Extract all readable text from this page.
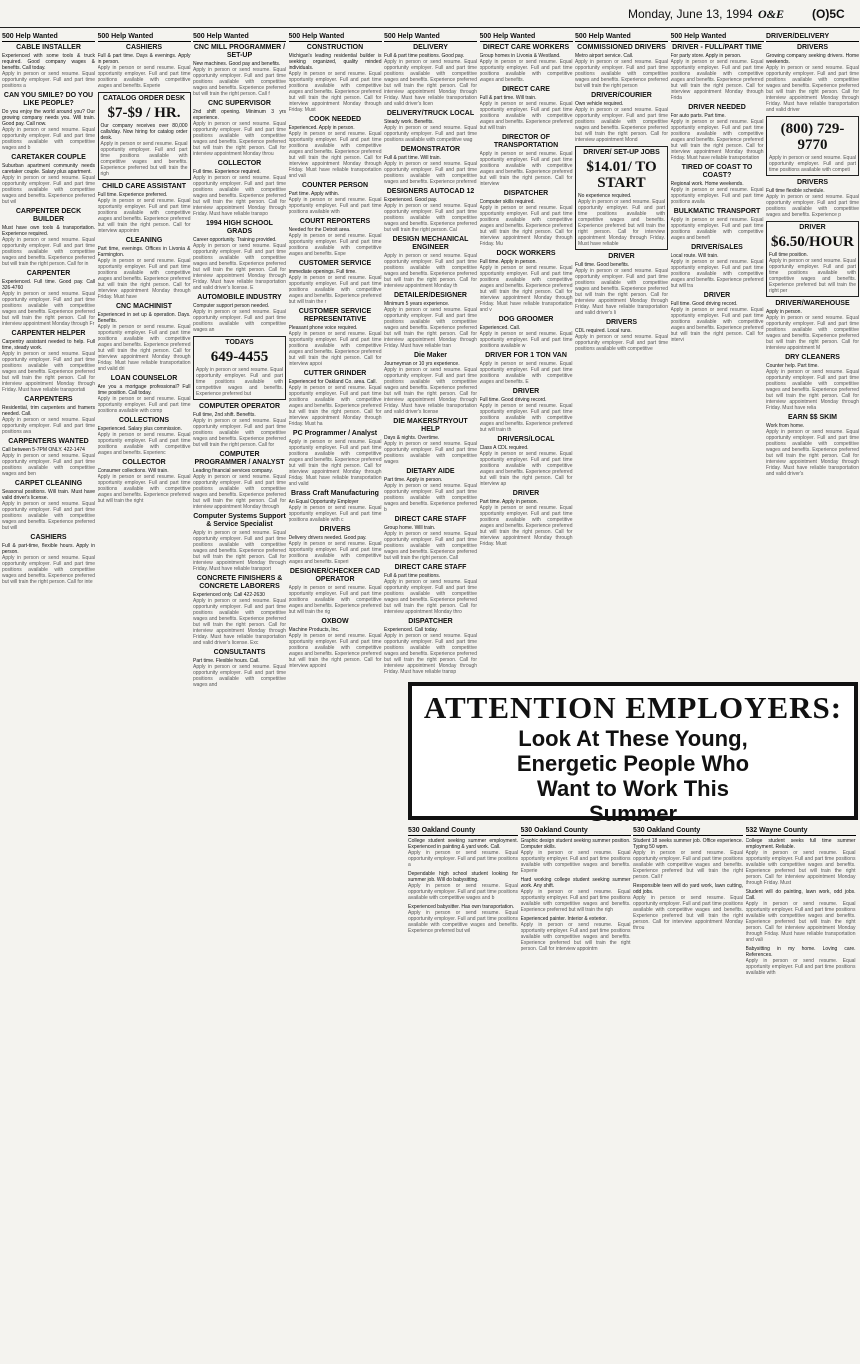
Monday, June 13, 1994 O&E (O)5C
500 Help Wanted
CABLE INSTALLER
Experienced with some tools & truck required. Good company wages & benefits. Call today.
Apply in person or send resume. Equal opportunity employer. Full and part time positions a
CAN YOU SMILE? DO YOU LIKE PEOPLE?
Do you enjoy the world around you? Our growing company needs you. Will train. Good pay. Call now.
Apply in person or send resume. Equal opportunity employer. Full and part time positions available with competitive wages and b
CARETAKER COUPLE
Suburban apartment community needs caretaker couple. Salary plus apartment.
Apply in person or send resume. Equal opportunity employer. Full and part time positions available with competitive wages and benefits. Experience preferred but wil
CARPENTER DECK BUILDER
Must have own tools & transportation. Experience required.
Apply in person or send resume. Equal opportunity employer. Full and part time positions available with competitive wages and benefits. Experience preferred but will train the right person. Call for in
CARPENTER
Experienced. Full time. Good pay. Call 326-4760
Apply in person or send resume. Equal opportunity employer. Full and part time positions available with competitive wages and benefits. Experience preferred but will train the right person. Call for interview appointment Monday through Fr
CARPENTER HELPER
Carpentry assistant needed to help. Full time, steady work.
Apply in person or send resume. Equal opportunity employer. Full and part time positions available with competitive wages and benefits. Experience preferred but will train the right person. Call for interview appointment Monday through Friday. Must have reliable transportati
CARPENTERS
Residential, trim carpenters and framers needed. Call.
Apply in person or send resume. Equal opportunity employer. Full and part time positions ava
CARPENTERS WANTED
Call between 5-7PM ONLY. 422-1474
Apply in person or send resume. Equal opportunity employer. Full and part time positions available with competitive wages and ben
CARPET CLEANING
Seasonal positions. Will train. Must have valid driver's license.
Apply in person or send resume. Equal opportunity employer. Full and part time positions available with competitive wages and benefits. Experience preferred but will
CASHIERS
Full & part-time, flexible hours. Apply in person.
Apply in person or send resume. Equal opportunity employer. Full and part time positions available with competitive wages and benefits. Experience preferred but will train the right person. Call for inte
500 Help Wanted
CASHIERS
Full & part time. Days & evenings. Apply in person.
Apply in person or send resume. Equal opportunity employer. Full and part time positions available with competitive wages and benefits. Experie
CATALOG ORDER DESK
$7-$9 / HR.
Our company receives over 80,000 calls/day. Now hiring for catalog order desk.
Apply in person or send resume. Equal opportunity employer. Full and part time positions available with competitive wages and benefits. Experience preferred but will train the righ
CHILD CARE ASSISTANT
Full time. Experience preferred.
Apply in person or send resume. Equal opportunity employer. Full and part time positions available with competitive wages and benefits. Experience preferred but will train the right person. Call for interview appointm
CLEANING
Part time, evenings. Offices in Livonia & Farmington.
Apply in person or send resume. Equal opportunity employer. Full and part time positions available with competitive wages and benefits. Experience preferred but will train the right person. Call for interview appointment Monday through Friday. Must have
CNC MACHINIST
Experienced in set up & operation. Days. Benefits.
Apply in person or send resume. Equal opportunity employer. Full and part time positions available with competitive wages and benefits. Experience preferred but will train the right person. Call for interview appointment Monday through Friday. Must have reliable transportation and valid dri
LOAN COUNSELOR
Are you a mortgage professional? Full time position. Call today.
Apply in person or send resume. Equal opportunity employer. Full and part time positions available with comp
COLLECTIONS
Experienced. Salary plus commission.
Apply in person or send resume. Equal opportunity employer. Full and part time positions available with competitive wages and benefits. Experienc
COLLECTOR
Consumer collections. Will train.
Apply in person or send resume. Equal opportunity employer. Full and part time positions available with competitive wages and benefits. Experience preferred but will train the right
500 Help Wanted
CNC MILL PROGRAMMER / SET-UP
New machines. Good pay and benefits.
Apply in person or send resume. Equal opportunity employer. Full and part time positions available with competitive wages and benefits. Experience preferred but will train the right person. Call f
CNC SUPERVISOR
2nd shift opening. Minimum 3 yrs experience.
Apply in person or send resume. Equal opportunity employer. Full and part time positions available with competitive wages and benefits. Experience preferred but will train the right person. Call for interview appointment Monday throu
COLLECTOR
Full time. Experience required.
Apply in person or send resume. Equal opportunity employer. Full and part time positions available with competitive wages and benefits. Experience preferred but will train the right person. Call for interview appointment Monday through Friday. Must have reliable transpo
1994 HIGH SCHOOL GRADS
Career opportunity. Training provided.
Apply in person or send resume. Equal opportunity employer. Full and part time positions available with competitive wages and benefits. Experience preferred but will train the right person. Call for interview appointment Monday through Friday. Must have reliable transportation and valid driver's license. E
AUTOMOBILE INDUSTRY
Computer support person needed.
Apply in person or send resume. Equal opportunity employer. Full and part time positions available with competitive wages an
TODAYS
649-4455
Apply in person or send resume. Equal opportunity employer. Full and part time positions available with competitive wages and benefits. Experience preferred but
COMPUTER OPERATOR
Full time, 2nd shift. Benefits.
Apply in person or send resume. Equal opportunity employer. Full and part time positions available with competitive wages and benefits. Experience preferred but will train the right person. Call for
COMPUTER PROGRAMMER / ANALYST
Leading financial services company.
Apply in person or send resume. Equal opportunity employer. Full and part time positions available with competitive wages and benefits. Experience preferred but will train the right person. Call for interview appointment Monday through
Computer Systems Support & Service Specialist
Apply in person or send resume. Equal opportunity employer. Full and part time positions available with competitive wages and benefits. Experience preferred but will train the right person. Call for interview appointment Monday through Friday. Must have reliable transport
CONCRETE FINISHERS & CONCRETE LABORERS
Experienced only. Call 422-2630
Apply in person or send resume. Equal opportunity employer. Full and part time positions available with competitive wages and benefits. Experience preferred but will train the right person. Call for interview appointment Monday through Friday. Must have reliable transportation and valid driver's license. Exc
CONSULTANTS
Part time. Flexible hours. Call.
Apply in person or send resume. Equal opportunity employer. Full and part time positions available with competitive wages and
500 Help Wanted
CONSTRUCTION
Michigan's leading residential builder is seeking organized, quality minded individuals.
Apply in person or send resume. Equal opportunity employer. Full and part time positions available with competitive wages and benefits. Experience preferred but will train the right person. Call for interview appointment Monday through Friday. Must
COOK NEEDED
Experienced. Apply in person.
Apply in person or send resume. Equal opportunity employer. Full and part time positions available with competitive wages and benefits. Experience preferred but will train the right person. Call for interview appointment Monday through Friday. Must have reliable transportation and vali
COUNTER PERSON
Part time. Apply within.
Apply in person or send resume. Equal opportunity employer. Full and part time positions available with
COURT REPORTERS
Needed for the Detroit area.
Apply in person or send resume. Equal opportunity employer. Full and part time positions available with competitive wages and benefits. Expe
CUSTOMER SERVICE
Immediate openings. Full time.
Apply in person or send resume. Equal opportunity employer. Full and part time positions available with competitive wages and benefits. Experience preferred but will train the r
CUSTOMER SERVICE REPRESENTATIVE
Pleasant phone voice required.
Apply in person or send resume. Equal opportunity employer. Full and part time positions available with competitive wages and benefits. Experience preferred but will train the right person. Call for interview appoi
CUTTER GRINDER
Experienced for Oakland Co. area. Call.
Apply in person or send resume. Equal opportunity employer. Full and part time positions available with competitive wages and benefits. Experience preferred but will train the right person. Call for interview appointment Monday through Friday. Must ha
PC Programmer / Analyst
Apply in person or send resume. Equal opportunity employer. Full and part time positions available with competitive wages and benefits. Experience preferred but will train the right person. Call for interview appointment Monday through Friday. Must have reliable transportation and valid
Brass Craft Manufacturing
An Equal Opportunity Employer
Apply in person or send resume. Equal opportunity employer. Full and part time positions available with c
DRIVERS
Delivery drivers needed. Good pay.
Apply in person or send resume. Equal opportunity employer. Full and part time positions available with competitive wages and benefits. Experi
DESIGNER/CHECKER CAD OPERATOR
Apply in person or send resume. Equal opportunity employer. Full and part time positions available with competitive wages and benefits. Experience preferred but will train the rig
OXBOW
Machine Products, Inc.
Apply in person or send resume. Equal opportunity employer. Full and part time positions available with competitive wages and benefits. Experience preferred but will train the right person. Call for interview appoint
500 Help Wanted
DELIVERY
Full & part time positions. Good pay.
Apply in person or send resume. Equal opportunity employer. Full and part time positions available with competitive wages and benefits. Experience preferred but will train the right person. Call for interview appointment Monday through Friday. Must have reliable transportation and valid driver's licen
DELIVERY/TRUCK LOCAL
Steady work. Benefits.
Apply in person or send resume. Equal opportunity employer. Full and part time positions available with competitive wag
DEMONSTRATOR
Full & part time. Will train.
Apply in person or send resume. Equal opportunity employer. Full and part time positions available with competitive wages and benefits. Experience preferred
DESIGNERS AUTOCAD 12
Experienced. Good pay.
Apply in person or send resume. Equal opportunity employer. Full and part time positions available with competitive wages and benefits. Experience preferred but will train the right person. Cal
DESIGN MECHANICAL ENGINEER
Apply in person or send resume. Equal opportunity employer. Full and part time positions available with competitive wages and benefits. Experience preferred but will train the right person. Call for interview appointment Monday th
DETAILER/DESIGNER
Minimum 5 years experience.
Apply in person or send resume. Equal opportunity employer. Full and part time positions available with competitive wages and benefits. Experience preferred but will train the right person. Call for interview appointment Monday through Friday. Must have reliable tran
Die Maker
Journeyman or 10 yrs experience.
Apply in person or send resume. Equal opportunity employer. Full and part time positions available with competitive wages and benefits. Experience preferred but will train the right person. Call for interview appointment Monday through Friday. Must have reliable transportation and valid driver's license
DIE MAKERS/TRYOUT HELP
Days & nights. Overtime.
Apply in person or send resume. Equal opportunity employer. Full and part time positions available with competitive wages
DIETARY AIDE
Part time. Apply in person.
Apply in person or send resume. Equal opportunity employer. Full and part time positions available with competitive wages and benefits. Experience preferred b
DIRECT CARE STAFF
Group home. Will train.
Apply in person or send resume. Equal opportunity employer. Full and part time positions available with competitive wages and benefits. Experience preferred but will train the right person. Call
DIRECT CARE STAFF
Full & part time positions.
Apply in person or send resume. Equal opportunity employer. Full and part time positions available with competitive wages and benefits. Experience preferred but will train the right person. Call for interview appointment Monday thro
DISPATCHER
Experienced. Call today.
Apply in person or send resume. Equal opportunity employer. Full and part time positions available with competitive wages and benefits. Experience preferred but will train the right person. Call for interview appointment Monday through Friday. Must have reliable transp
500 Help Wanted
DIRECT CARE WORKERS
Group homes in Livonia & Westland.
Apply in person or send resume. Equal opportunity employer. Full and part time positions available with competitive wages and benefits.
DIRECT CARE
Full & part time. Will train.
Apply in person or send resume. Equal opportunity employer. Full and part time positions available with competitive wages and benefits. Experience preferred but will train
DIRECTOR OF TRANSPORTATION
Apply in person or send resume. Equal opportunity employer. Full and part time positions available with competitive wages and benefits. Experience preferred but will train the right person. Call for interview
DISPATCHER
Computer skills required.
Apply in person or send resume. Equal opportunity employer. Full and part time positions available with competitive wages and benefits. Experience preferred but will train the right person. Call for interview appointment Monday through Friday. Mu
DOCK WORKERS
Full time. Apply in person.
Apply in person or send resume. Equal opportunity employer. Full and part time positions available with competitive wages and benefits. Experience preferred but will train the right person. Call for interview appointment Monday through Friday. Must have reliable transportation and v
DOG GROOMER
Experienced. Call.
Apply in person or send resume. Equal opportunity employer. Full and part time positions available w
DRIVER FOR 1 TON VAN
Apply in person or send resume. Equal opportunity employer. Full and part time positions available with competitive wages and benefits. E
DRIVER
Full time. Good driving record.
Apply in person or send resume. Equal opportunity employer. Full and part time positions available with competitive wages and benefits. Experience preferred but will train th
DRIVERS/LOCAL
Class A CDL required.
Apply in person or send resume. Equal opportunity employer. Full and part time positions available with competitive wages and benefits. Experience preferred but will train the right person. Call for interview ap
DRIVER
Part time. Apply in person.
Apply in person or send resume. Equal opportunity employer. Full and part time positions available with competitive wages and benefits. Experience preferred but will train the right person. Call for interview appointment Monday through Friday. Must
500 Help Wanted
COMMISSIONED DRIVERS
Metro airport service. Call.
Apply in person or send resume. Equal opportunity employer. Full and part time positions available with competitive wages and benefits. Experience preferred but will train the right person
DRIVER/COURIER
Own vehicle required.
Apply in person or send resume. Equal opportunity employer. Full and part time positions available with competitive wages and benefits. Experience preferred but will train the right person. Call for interview appointment Mond
DRIVER/ SET-UP JOBS
$14.01/ TO START
No experience required.
Apply in person or send resume. Equal opportunity employer. Full and part time positions available with competitive wages and benefits. Experience preferred but will train the right person. Call for interview appointment Monday through Friday. Must have reliable
DRIVER
Full time. Good benefits.
Apply in person or send resume. Equal opportunity employer. Full and part time positions available with competitive wages and benefits. Experience preferred but will train the right person. Call for interview appointment Monday through Friday. Must have reliable transportation and valid driver's li
DRIVERS
CDL required. Local runs.
Apply in person or send resume. Equal opportunity employer. Full and part time positions available with competitive
500 Help Wanted
DRIVER - FULL/PART TIME
For party store. Apply in person.
Apply in person or send resume. Equal opportunity employer. Full and part time positions available with competitive wages and benefits. Experience preferred but will train the right person. Call for interview appointment Monday through Frida
DRIVER NEEDED
For auto parts. Part time.
Apply in person or send resume. Equal opportunity employer. Full and part time positions available with competitive wages and benefits. Experience preferred but will train the right person. Call for interview appointment Monday through Friday. Must have reliable transportation
TIRED OF COAST TO COAST?
Regional work. Home weekends.
Apply in person or send resume. Equal opportunity employer. Full and part time positions availa
BULKMATIC TRANSPORT
Apply in person or send resume. Equal opportunity employer. Full and part time positions available with competitive wages and benefi
DRIVER/SALES
Local route. Will train.
Apply in person or send resume. Equal opportunity employer. Full and part time positions available with competitive wages and benefits. Experience preferred but will tra
DRIVER
Full time. Good driving record.
Apply in person or send resume. Equal opportunity employer. Full and part time positions available with competitive wages and benefits. Experience preferred but will train the right person. Call for intervi
DRIVER/DELIVERY
DRIVERS
Growing company seeking drivers. Home weekends.
Apply in person or send resume. Equal opportunity employer. Full and part time positions available with competitive wages and benefits. Experience preferred but will train the right person. Call for interview appointment Monday through Friday. Must have reliable transportation and valid driver
(800) 729-9770
Apply in person or send resume. Equal opportunity employer. Full and part time positions available with competi
DRIVERS
Full time flexible schedule.
Apply in person or send resume. Equal opportunity employer. Full and part time positions available with competitive wages and benefits. Experience p
DRIVER
$6.50/HOUR
Full time position.
Apply in person or send resume. Equal opportunity employer. Full and part time positions available with competitive wages and benefits. Experience preferred but will train the right per
DRIVER/WAREHOUSE
Apply in person.
Apply in person or send resume. Equal opportunity employer. Full and part time positions available with competitive wages and benefits. Experience preferred but will train the right person. Call for interview appointment M
DRY CLEANERS
Counter help. Part time.
Apply in person or send resume. Equal opportunity employer. Full and part time positions available with competitive wages and benefits. Experience preferred but will train the right person. Call for interview appointment Monday through Friday. Must have relia
EARN $$ SKIM
Work from home.
Apply in person or send resume. Equal opportunity employer. Full and part time positions available with competitive wages and benefits. Experience preferred but will train the right person. Call for interview appointment Monday through Friday. Must have reliable transportation and valid driver's
ATTENTION EMPLOYERS:
Look At These Young,
Energetic People Who
Want to Work This
Summer
530 Oakland County
College student seeking summer employment. Experienced in painting & yard work. Call.
Apply in person or send resume. Equal opportunity employer. Full and part time positions a
Dependable high school student looking for summer job. Will do babysitting.
Apply in person or send resume. Equal opportunity employer. Full and part time positions available with competitive wages and b
Experienced babysitter. Has own transportation.
Apply in person or send resume. Equal opportunity employer. Full and part time positions available with competitive wages and benefits. Experience preferred but wil
530 Oakland County
Graphic design student seeking summer position. Computer skills.
Apply in person or send resume. Equal opportunity employer. Full and part time positions available with competitive wages and benefits. Experie
Hard working college student seeking summer work. Any shift.
Apply in person or send resume. Equal opportunity employer. Full and part time positions available with competitive wages and benefits. Experience preferred but will train the righ
Experienced painter. Interior & exterior.
Apply in person or send resume. Equal opportunity employer. Full and part time positions available with competitive wages and benefits. Experience preferred but will train the right person. Call for interview appointm
530 Oakland County
Student 18 seeks summer job. Office experience. Typing 50 wpm.
Apply in person or send resume. Equal opportunity employer. Full and part time positions available with competitive wages and benefits. Experience preferred but will train the right person. Call f
Responsible teen will do yard work, lawn cutting, odd jobs.
Apply in person or send resume. Equal opportunity employer. Full and part time positions available with competitive wages and benefits. Experience preferred but will train the right person. Call for interview appointment Monday throu
532 Wayne County
College student seeks full time summer employment. Reliable.
Apply in person or send resume. Equal opportunity employer. Full and part time positions available with competitive wages and benefits. Experience preferred but will train the right person. Call for interview appointment Monday through Friday. Must
Student will do painting, lawn work, odd jobs. Call.
Apply in person or send resume. Equal opportunity employer. Full and part time positions available with competitive wages and benefits. Experience preferred but will train the right person. Call for interview appointment Monday through Friday. Must have reliable transportation and vali
Babysitting in my home. Loving care. References.
Apply in person or send resume. Equal opportunity employer. Full and part time positions available with
